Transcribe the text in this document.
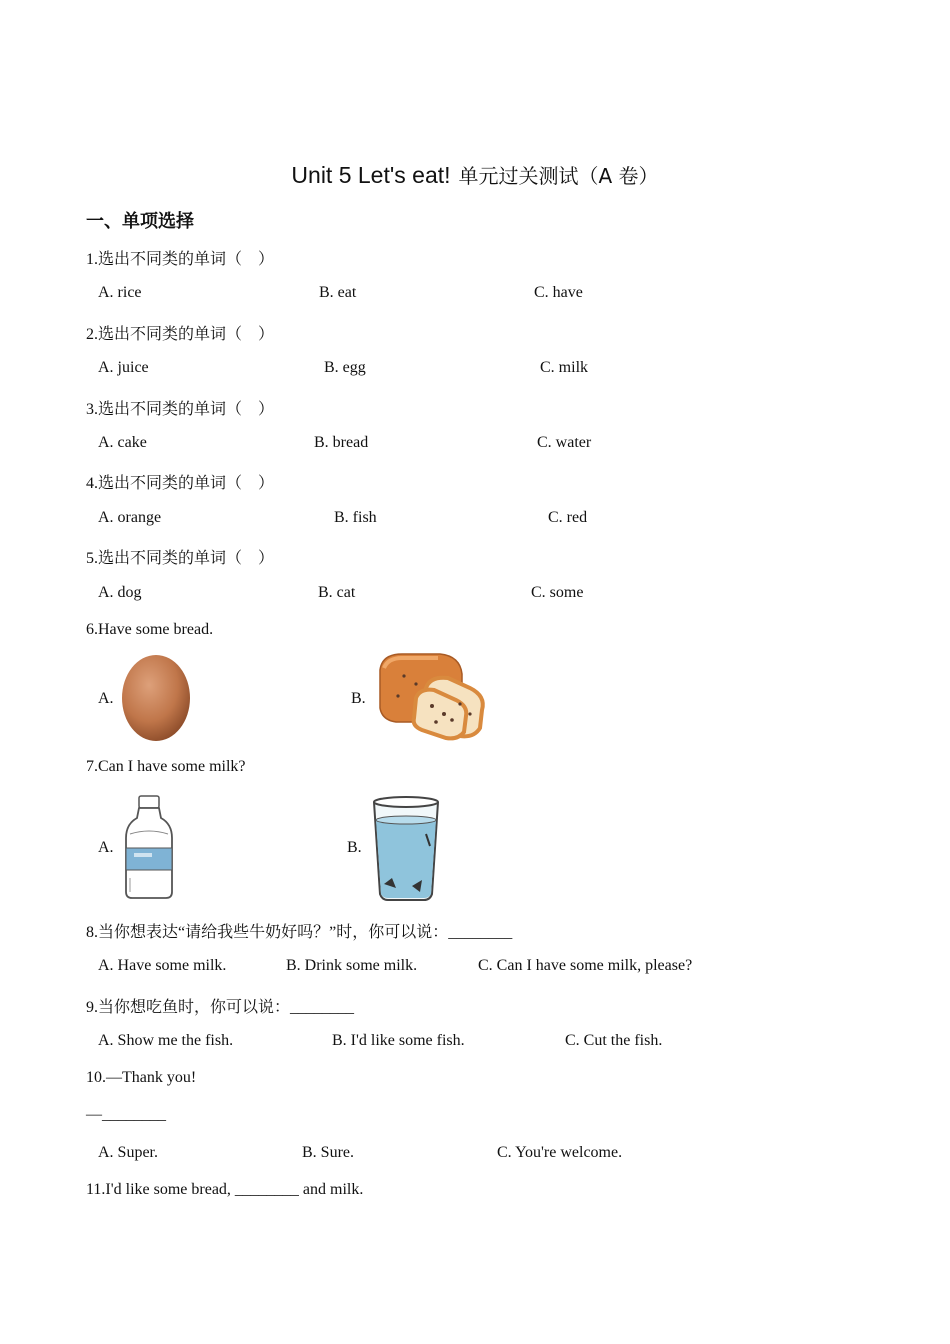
Unit 5 Let's eat! 单元过关测试（A 卷）
一、单项选择
1.选出不同类的单词（　）
A. rice	B. eat	C. have
2.选出不同类的单词（　）
A. juice	B. egg	C. milk
3.选出不同类的单词（　）
A. cake	B. bread	C. water
4.选出不同类的单词（　）
A. orange	B. fish	C. red
5.选出不同类的单词（　）
A. dog	B. cat	C. some
6.Have some bread.
A.	B.
7.Can I have some milk?
A.	B.
8.当你想表达“请给我些牛奶好吗？”时，你可以说：________
A. Have some milk.	B. Drink some milk.	C. Can I have some milk, please?
9.当你想吃鱼时，你可以说：________
A. Show me the fish.	B. I'd like some fish.	C. Cut the fish.
10.—Thank you!
—________
A. Super.	B. Sure.	C. You're welcome.
11.I'd like some bread, ________ and milk.
